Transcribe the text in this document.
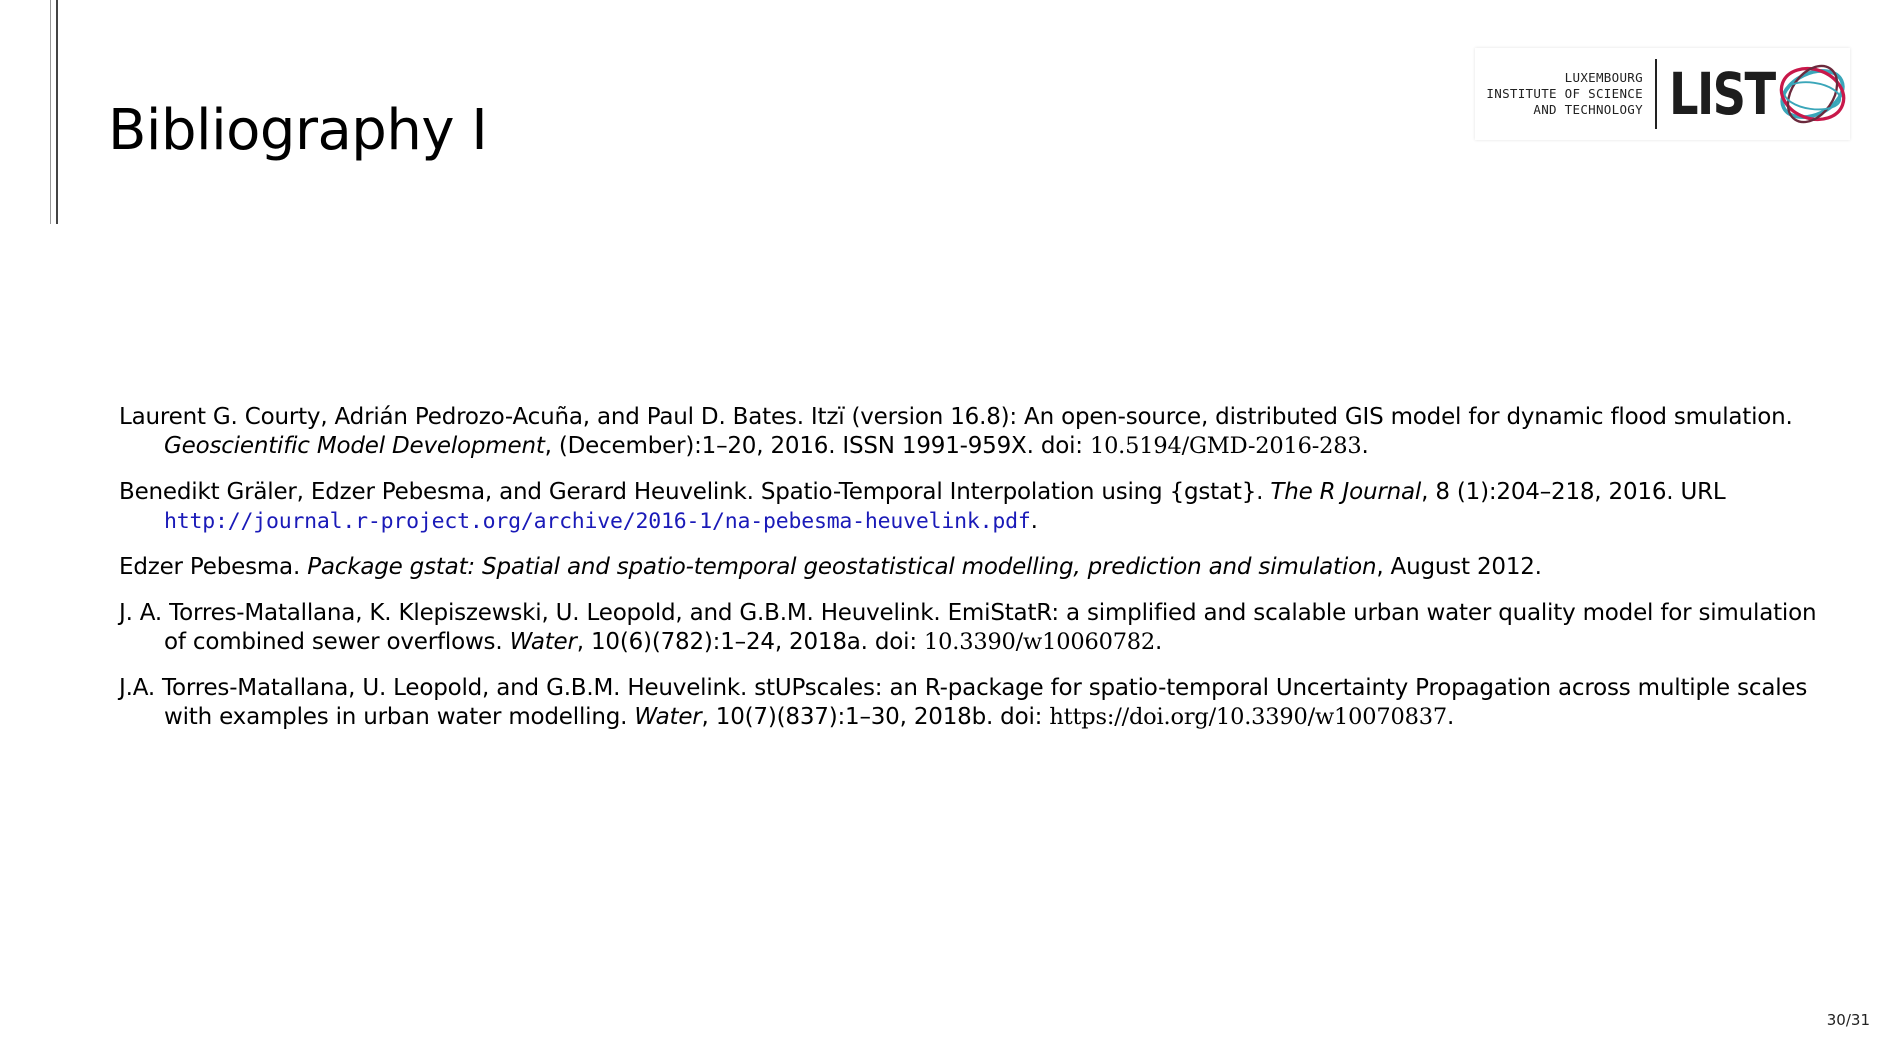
Bibliography I
LUXEMBOURG
INSTITUTE OF SCIENCE
AND TECHNOLOGY LIST

Laurent G. Courty, Adrián Pedrozo-Acuña, and Paul D. Bates. Itzï (version 16.8): An open-source, distributed GIS model for dynamic flood smulation. Geoscientific Model Development, (December):1–20, 2016. ISSN 1991-959X. doi: 10.5194/GMD-2016-283.

Benedikt Gräler, Edzer Pebesma, and Gerard Heuvelink. Spatio-Temporal Interpolation using {gstat}. The R Journal, 8 (1):204–218, 2016. URL http://journal.r-project.org/archive/2016-1/na-pebesma-heuvelink.pdf.

Edzer Pebesma. Package gstat: Spatial and spatio-temporal geostatistical modelling, prediction and simulation, August 2012.

J. A. Torres-Matallana, K. Klepiszewski, U. Leopold, and G.B.M. Heuvelink. EmiStatR: a simplified and scalable urban water quality model for simulation of combined sewer overflows. Water, 10(6)(782):1–24, 2018a. doi: 10.3390/w10060782.

J.A. Torres-Matallana, U. Leopold, and G.B.M. Heuvelink. stUPscales: an R-package for spatio-temporal Uncertainty Propagation across multiple scales with examples in urban water modelling. Water, 10(7)(837):1–30, 2018b. doi: https://doi.org/10.3390/w10070837.

30/31
